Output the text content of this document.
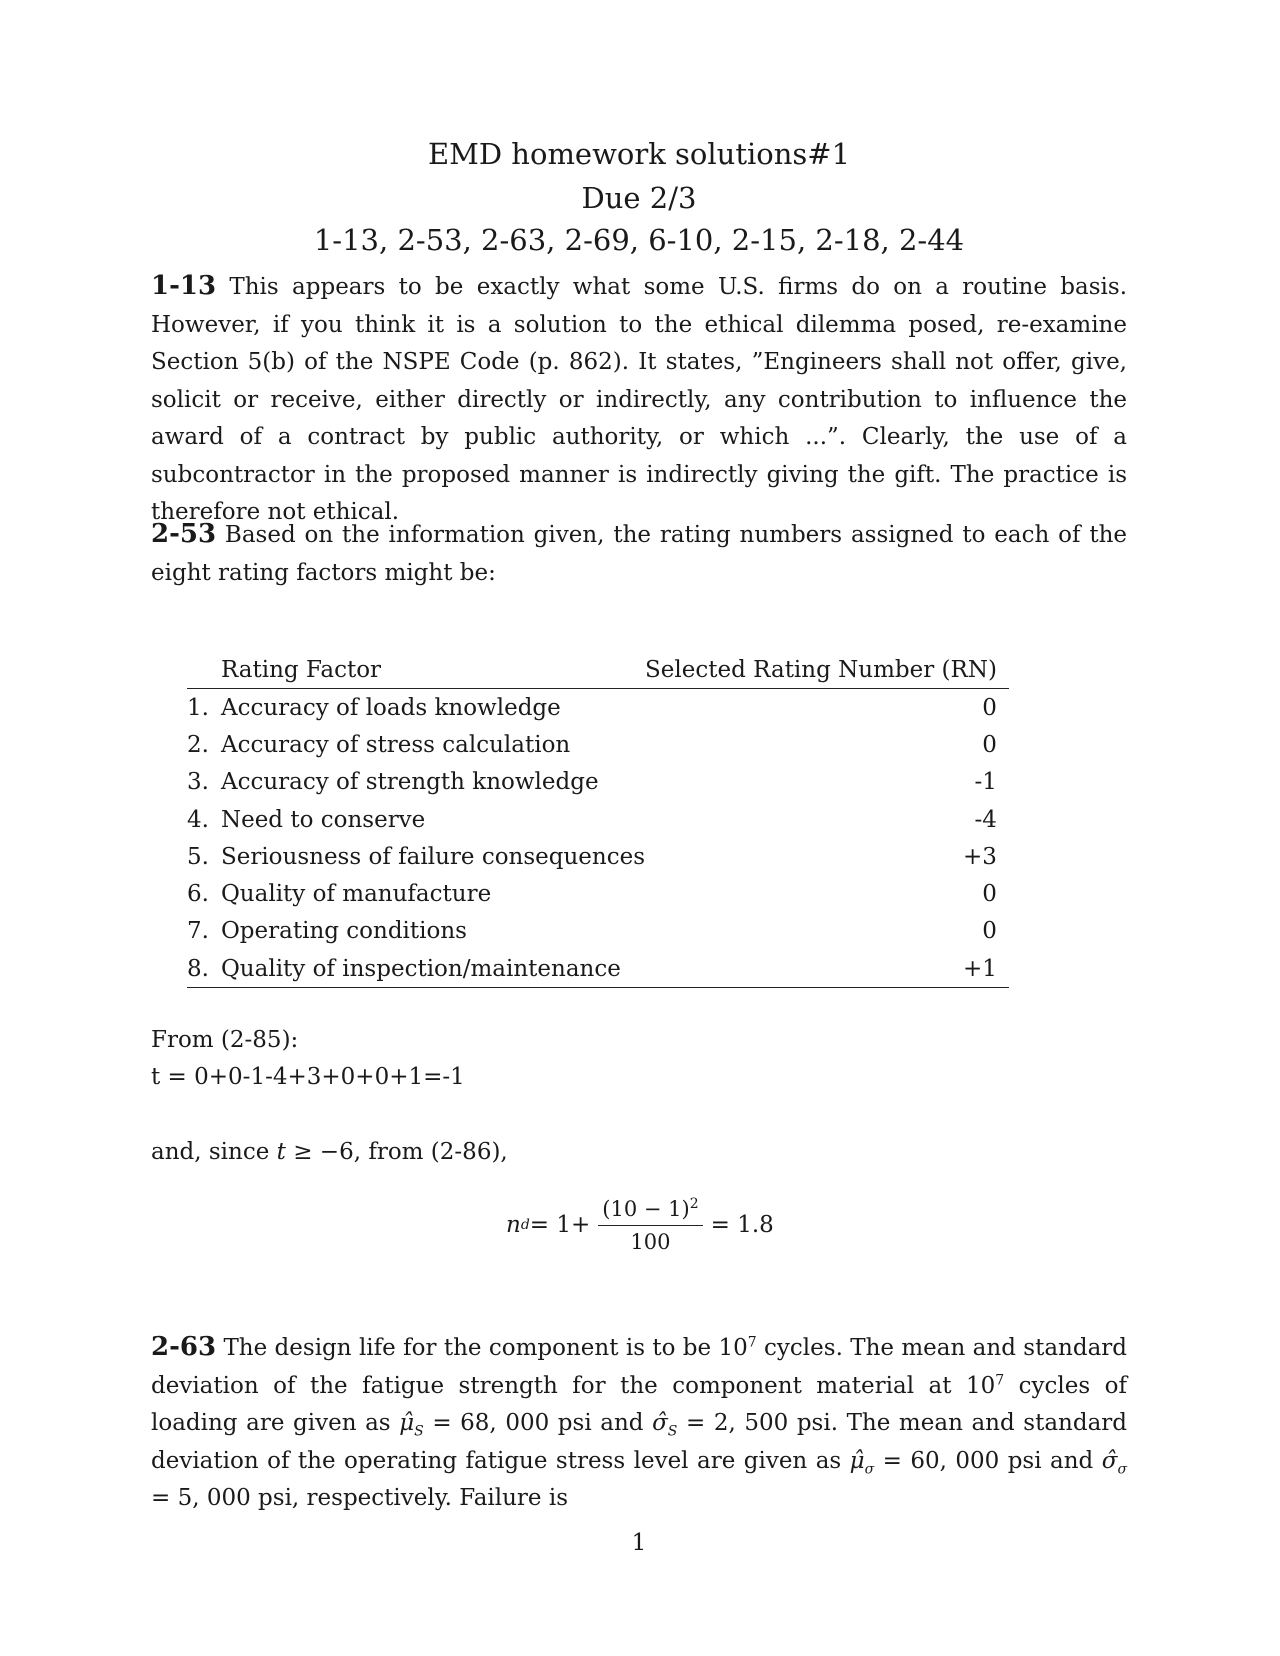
EMD homework solutions#1
Due 2/3
1-13, 2-53, 2-63, 2-69, 6-10, 2-15, 2-18, 2-44

1-13 This appears to be exactly what some U.S. firms do on a routine basis. However, if you think it is a solution to the ethical dilemma posed, re-examine Section 5(b) of the NSPE Code (p. 862). It states, ”Engineers shall not offer, give, solicit or receive, either directly or indirectly, any contribution to influence the award of a contract by public authority, or which ...”. Clearly, the use of a subcontractor in the proposed manner is indirectly giving the gift. The practice is therefore not ethical.

2-53 Based on the information given, the rating numbers assigned to each of the eight rating factors might be:

	Rating Factor	Selected Rating Number (RN)
1.	Accuracy of loads knowledge	0
2.	Accuracy of stress calculation	0
3.	Accuracy of strength knowledge	-1
4.	Need to conserve	-4
5.	Seriousness of failure consequences	+3
6.	Quality of manufacture	0
7.	Operating conditions	0
8.	Quality of inspection/maintenance	+1
From (2-85):
t = 0+0-1-4+3+0+0+1=-1
and, since t ≥ −6, from (2-86),
n $d = 1+ \frac{(10 - 1)^2}{100} = 1.8$

2-63 The design life for the component is to be $10^7$ cycles. The mean and standard deviation of the fatigue strength for the component material at $10^7$ cycles of loading are given as $\mû_S = 68$, 000 psi and $\sigmâ_S = 2$, 500 psi. The mean and standard deviation of the operating fatigue stress level are given as $\mû_\sigma = 60$, 000 psi and $\sigmâ_\sigma = 5$, 000 psi, respectively. Failure is

1
